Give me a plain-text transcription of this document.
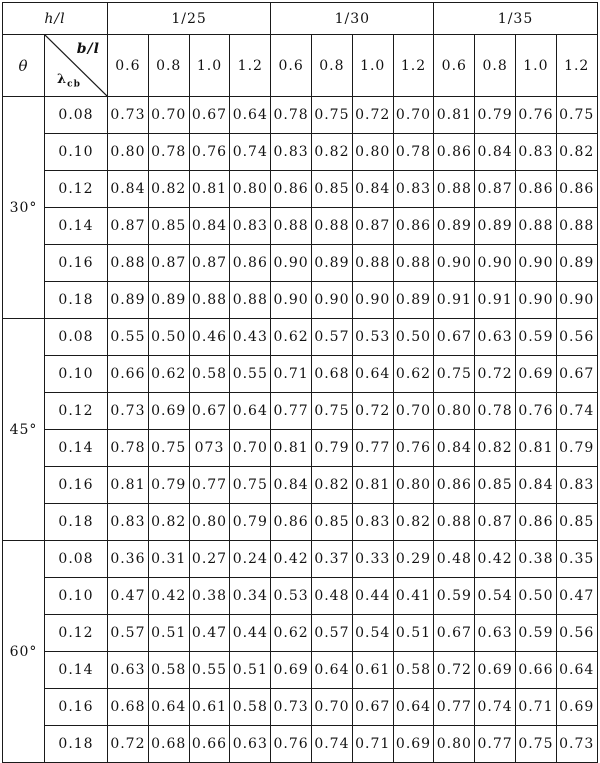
h/l		1/25				1/30				1/35			
θ	b/l
$\lambda_{cb}$	0.6	0.8	1.0	1.2	0.6	0.8	1.0	1.2	0.6	0.8	1.0	1.2
30°	0.08	0.73	0.70	0.67	0.64	0.78	0.75	0.72	0.70	0.81	0.79	0.76	0.75
	0.10	0.80	0.78	0.76	0.74	0.83	0.82	0.80	0.78	0.86	0.84	0.83	0.82
	0.12	0.84	0.82	0.81	0.80	0.86	0.85	0.84	0.83	0.88	0.87	0.86	0.86
	0.14	0.87	0.85	0.84	0.83	0.88	0.88	0.87	0.86	0.89	0.89	0.88	0.88
	0.16	0.88	0.87	0.87	0.86	0.90	0.89	0.88	0.88	0.90	0.90	0.90	0.89
	0.18	0.89	0.89	0.88	0.88	0.90	0.90	0.90	0.89	0.91	0.91	0.90	0.90
45°	0.08	0.55	0.50	0.46	0.43	0.62	0.57	0.53	0.50	0.67	0.63	0.59	0.56
	0.10	0.66	0.62	0.58	0.55	0.71	0.68	0.64	0.62	0.75	0.72	0.69	0.67
	0.12	0.73	0.69	0.67	0.64	0.77	0.75	0.72	0.70	0.80	0.78	0.76	0.74
	0.14	0.78	0.75	073	0.70	0.81	0.79	0.77	0.76	0.84	0.82	0.81	0.79
	0.16	0.81	0.79	0.77	0.75	0.84	0.82	0.81	0.80	0.86	0.85	0.84	0.83
	0.18	0.83	0.82	0.80	0.79	0.86	0.85	0.83	0.82	0.88	0.87	0.86	0.85
60°	0.08	0.36	0.31	0.27	0.24	0.42	0.37	0.33	0.29	0.48	0.42	0.38	0.35
	0.10	0.47	0.42	0.38	0.34	0.53	0.48	0.44	0.41	0.59	0.54	0.50	0.47
	0.12	0.57	0.51	0.47	0.44	0.62	0.57	0.54	0.51	0.67	0.63	0.59	0.56
	0.14	0.63	0.58	0.55	0.51	0.69	0.64	0.61	0.58	0.72	0.69	0.66	0.64
	0.16	0.68	0.64	0.61	0.58	0.73	0.70	0.67	0.64	0.77	0.74	0.71	0.69
	0.18	0.72	0.68	0.66	0.63	0.76	0.74	0.71	0.69	0.80	0.77	0.75	0.73
